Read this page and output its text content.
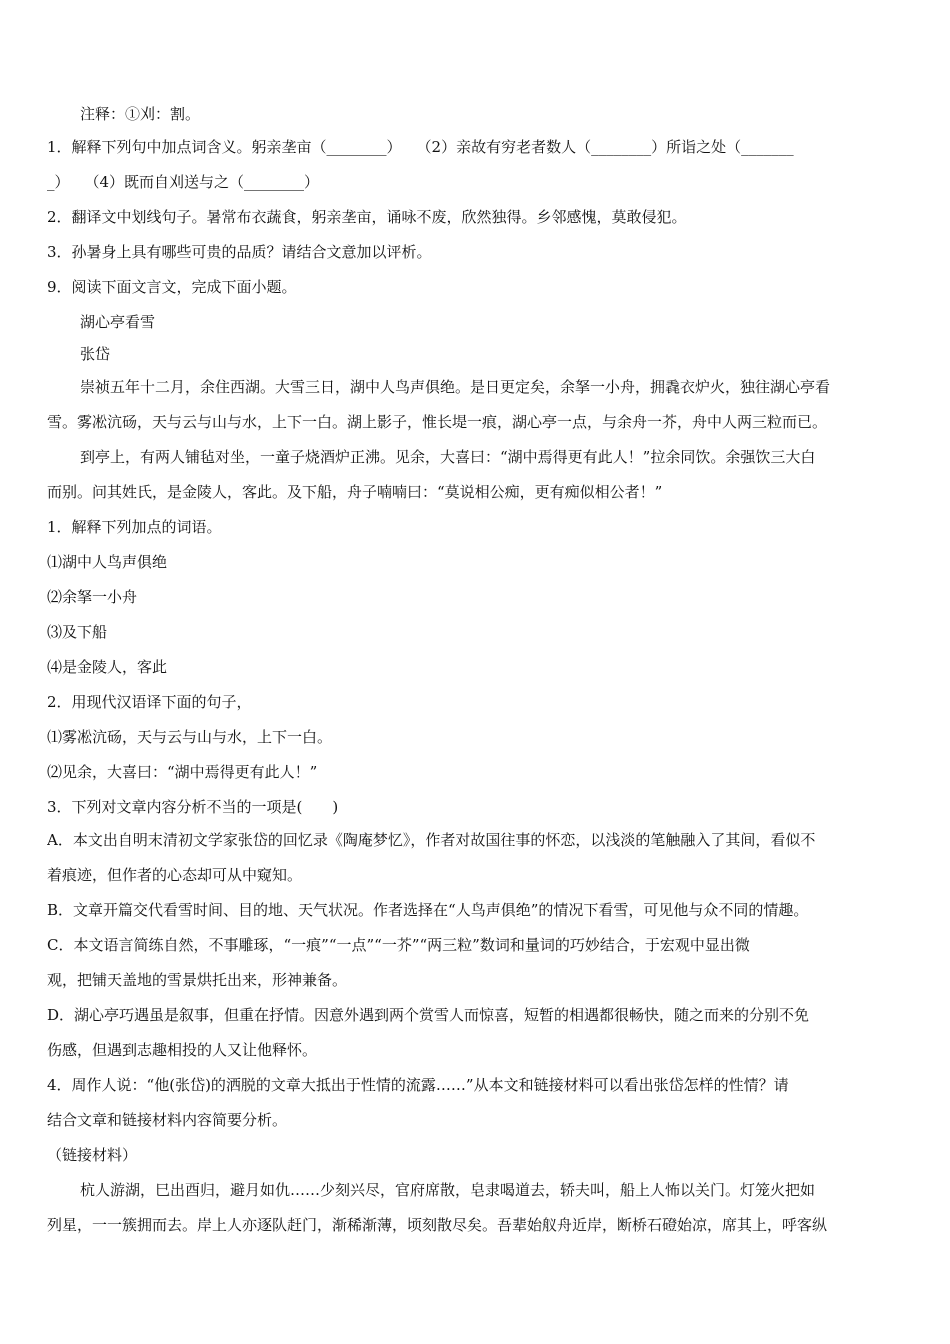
注释：①刈：割。
1．解释下列句中加点词含义。躬亲垄亩（________）　　（2）亲故有穷老者数人（________）所诣之处（_______
_）　　（4）既而自刈送与之（________）
2．翻译文中划线句子。暑常布衣蔬食，躬亲垄亩，诵咏不废，欣然独得。乡邻感愧，莫敢侵犯。
3．孙暑身上具有哪些可贵的品质？请结合文意加以评析。
9．阅读下面文言文，完成下面小题。
湖心亭看雪
张岱
崇祯五年十二月，余住西湖。大雪三日，湖中人鸟声俱绝。是日更定矣，余拏一小舟，拥毳衣炉火，独往湖心亭看
雪。雾凇沆砀，天与云与山与水，上下一白。湖上影子，惟长堤一痕，湖心亭一点，与余舟一芥，舟中人两三粒而已。
到亭上，有两人铺毡对坐，一童子烧酒炉正沸。见余，大喜曰：“湖中焉得更有此人！”拉余同饮。余强饮三大白
而别。问其姓氏，是金陵人，客此。及下船，舟子喃喃曰：“莫说相公痴，更有痴似相公者！”
1．解释下列加点的词语。
⑴湖中人鸟声俱绝
⑵余拏一小舟
⑶及下船
⑷是金陵人，客此
2．用现代汉语译下面的句子，
⑴雾凇沆砀，天与云与山与水，上下一白。
⑵见余，大喜曰：“湖中焉得更有此人！”
3．下列对文章内容分析不当的一项是(　　)
A．本文出自明末清初文学家张岱的回忆录《陶庵梦忆》，作者对故国往事的怀恋，以浅淡的笔触融入了其间，看似不
着痕迹，但作者的心态却可从中窥知。
B．文章开篇交代看雪时间、目的地、天气状况。作者选择在“人鸟声俱绝”的情况下看雪，可见他与众不同的情趣。
C．本文语言简练自然，不事雕琢，“一痕”“一点”“一芥”“两三粒”数词和量词的巧妙结合，于宏观中显出微
观，把铺天盖地的雪景烘托出来，形神兼备。
D．湖心亭巧遇虽是叙事，但重在抒情。因意外遇到两个赏雪人而惊喜，短暂的相遇都很畅快，随之而来的分别不免
伤感，但遇到志趣相投的人又让他释怀。
4．周作人说：“他(张岱)的洒脱的文章大抵出于性情的流露……”从本文和链接材料可以看出张岱怎样的性情？请
结合文章和链接材料内容简要分析。
（链接材料）
杭人游湖，巳出酉归，避月如仇……少刻兴尽，官府席散，皂隶喝道去，轿夫叫，船上人怖以关门。灯笼火把如
列星，一一簇拥而去。岸上人亦逐队赶门，渐稀渐薄，顷刻散尽矣。吾辈始舣舟近岸，断桥石磴始凉，席其上，呼客纵
